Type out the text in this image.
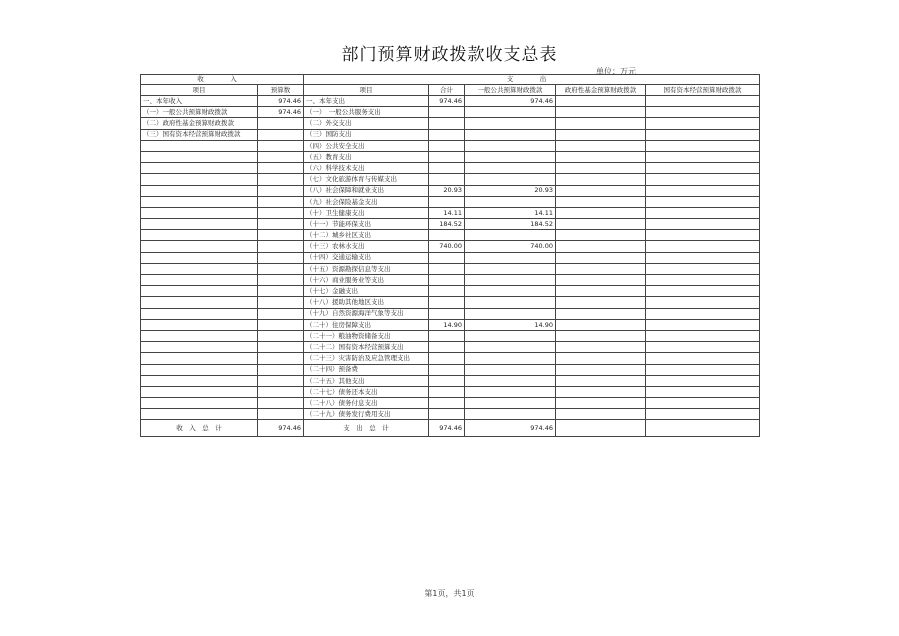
部门预算财政拨款收支总表
单位：万元
收　入		支　出				
项目	预算数	项目	合计	一般公共预算财政拨款	政府性基金预算财政拨款	国有资本经营预算财政拨款
一、本年收入	974.46	一、本年支出	974.46	974.46		
（一）一般公共预算财政拨款	974.46	（一）　一般公共服务支出				
（二）政府性基金预算财政拨款		（二）外交支出				
（三）国有资本经营预算财政拨款		（三）国防支出				
		（四）公共安全支出				
		（五）教育支出				
		（六）科学技术支出				
		（七）文化旅游体育与传媒支出				
		（八）社会保障和就业支出	20.93	20.93		
		（九）社会保险基金支出				
		（十）卫生健康支出	14.11	14.11		
		（十一）节能环保支出	184.52	184.52		
		（十二）城乡社区支出				
		（十三）农林水支出	740.00	740.00		
		（十四）交通运输支出				
		（十五）资源勘探信息等支出				
		（十六）商业服务业等支出				
		（十七）金融支出				
		（十八）援助其他地区支出				
		（十九）自然资源海洋气象等支出				
		（二十）住房保障支出	14.90	14.90		
		（二十一）粮油物资储备支出				
		（二十二）国有资本经营预算支出				
		（二十三）灾害防治及应急管理支出				
		（二十四）预备费				
		（二十五）其他支出				
		（二十七）债务还本支出				
		（二十八）债务付息支出				
		（二十九）债务发行费用支出				
收　入　总　计	974.46	支　出　总　计	974.46	974.46		
第1页，共1页
